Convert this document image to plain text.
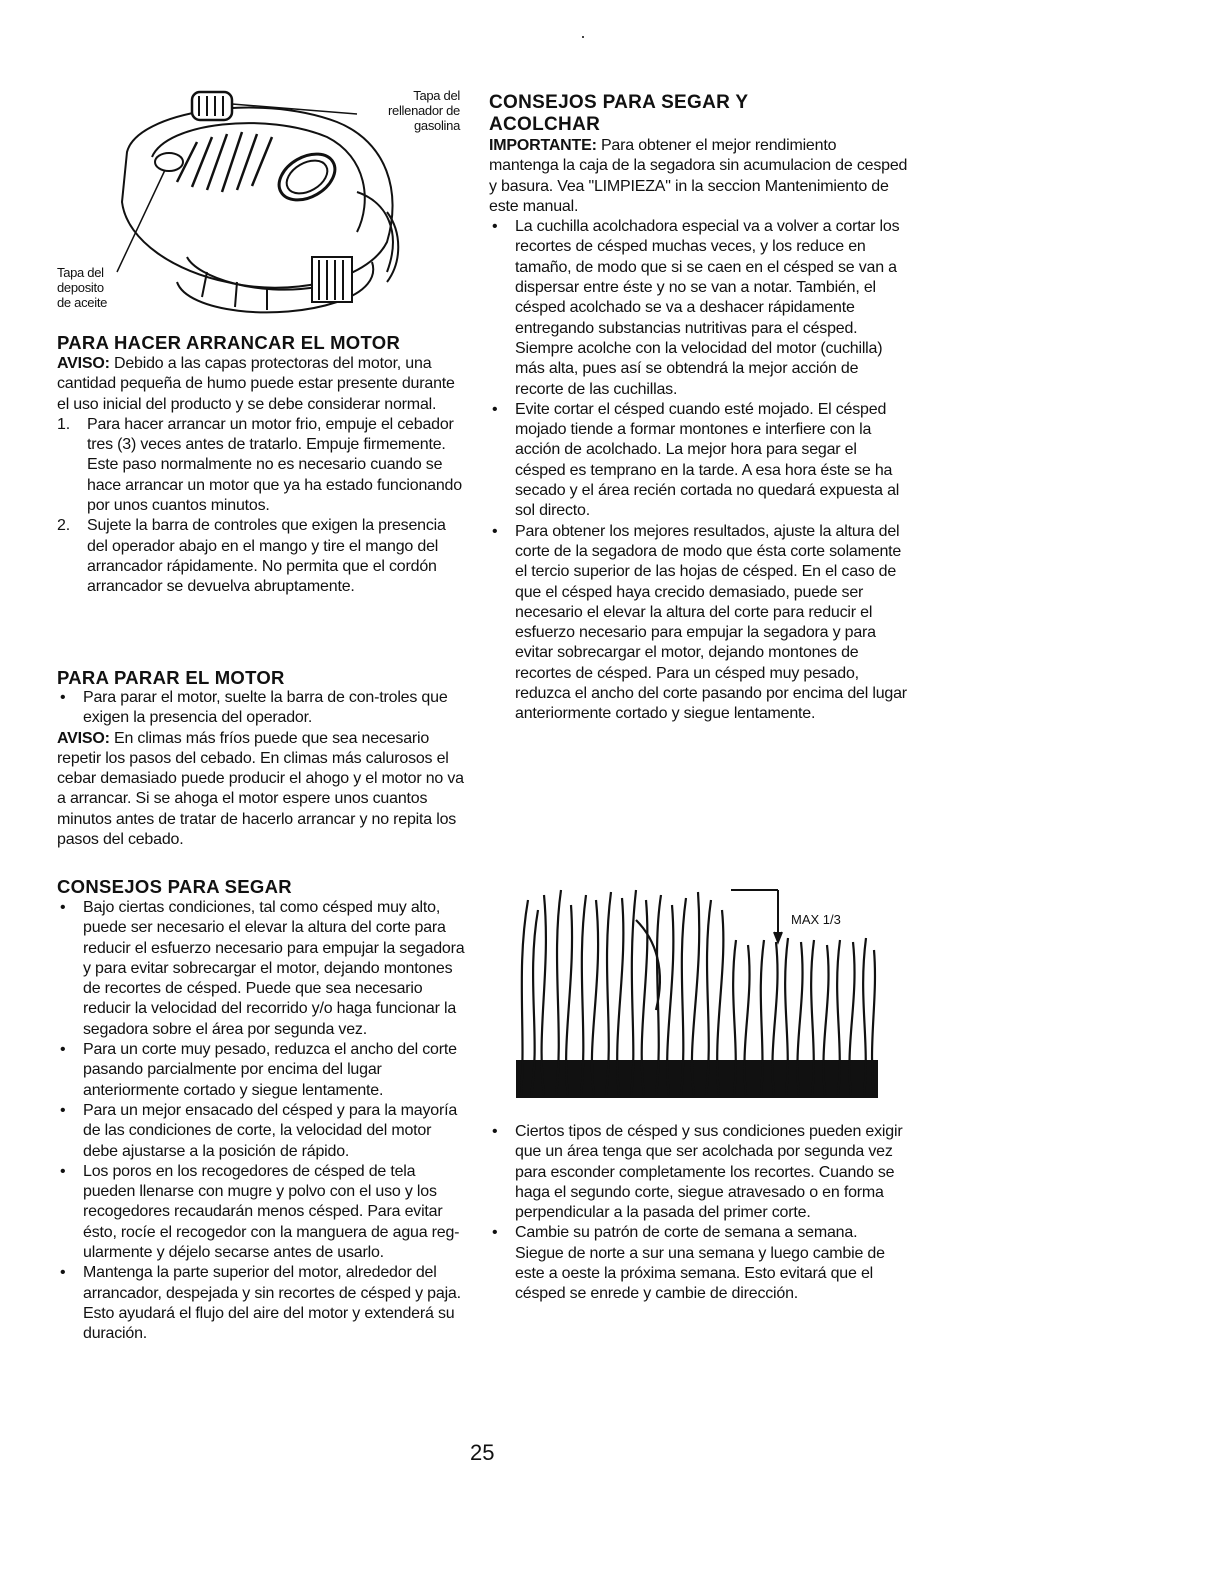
Tapa del
rellenador de
gasolina
Tapa del
deposito
de aceite
PARA HACER ARRANCAR EL MOTOR

AVISO: Debido a las capas protectoras del motor, una cantidad pequeña de humo puede estar presente durante el uso inicial del producto y se debe considerar normal.

1.	Para hacer arrancar un motor frio, empuje el cebador tres (3) veces antes de tratarlo. Empuje firmemente. Este paso normalmente no es necesario cuando se hace arrancar un motor que ya ha estado funcionando por unos cuantos minutos.
2.	Sujete la barra de controles que exigen la presencia del operador abajo en el mango y tire el mango del arrancador rápidamente. No permita que el cordón arrancador se devuelva abruptamente.
PARA PARAR EL MOTOR
• Para parar el motor, suelte la barra de con-troles que exigen la presencia del operador.

AVISO: En climas más fríos puede que sea necesario repetir los pasos del cebado. En climas más calurosos el cebar demasiado puede producir el ahogo y el motor no va a arrancar. Si se ahoga el motor espere unos cuantos minutos antes de tratar de hacerlo arrancar y no repita los pasos del cebado.

CONSEJOS PARA SEGAR
• Bajo ciertas condiciones, tal como césped muy alto, puede ser necesario el elevar la altura del corte para reducir el esfuerzo necesario para empujar la segadora y para evitar sobrecargar el motor, dejando montones de recortes de césped. Puede que sea necesario reducir la velocidad del recorrido y/o haga funcionar la segadora sobre el área por segunda vez.
• Para un corte muy pesado, reduzca el ancho del corte pasando parcialmente por encima del lugar anteriormente cortado y siegue lentamente.
• Para un mejor ensacado del césped y para la mayoría de las condiciones de corte, la velocidad del motor debe ajustarse a la posición de rápido.
• Los poros en los recogedores de césped de tela pueden llenarse con mugre y polvo con el uso y los recogedores recaudarán menos césped. Para evitar ésto, rocíe el recogedor con la manguera de agua reg-ularmente y déjelo secarse antes de usarlo.
• Mantenga la parte superior del motor, alrededor del arrancador, despejada y sin recortes de césped y paja. Esto ayudará el flujo del aire del motor y extenderá su duración.
CONSEJOS PARA SEGAR Y
ACOLCHAR

IMPORTANTE: Para obtener el mejor rendimiento mantenga la caja de la segadora sin acumulacion de cesped y basura. Vea "LIMPIEZA" in la seccion Mantenimiento de este manual.

• La cuchilla acolchadora especial va a volver a cortar los recortes de césped muchas veces, y los reduce en tamaño, de modo que si se caen en el césped se van a dispersar entre éste y no se van a notar. También, el césped acolchado se va a deshacer rápidamente entregando substancias nutritivas para el césped. Siempre acolche con la velocidad del motor (cuchilla) más alta, pues así se obtendrá la mejor acción de recorte de las cuchillas.
• Evite cortar el césped cuando esté mojado. El césped mojado tiende a formar montones e interfiere con la acción de acolchado. La mejor hora para segar el césped es temprano en la tarde. A esa hora éste se ha secado y el área recién cortada no quedará expuesta al sol directo.
• Para obtener los mejores resultados, ajuste la altura del corte de la segadora de modo que ésta corte solamente el tercio superior de las hojas de césped. En el caso de que el césped haya crecido demasiado, puede ser necesario el elevar la altura del corte para reducir el esfuerzo necesario para empujar la segadora y para evitar sobrecargar el motor, dejando montones de recortes de césped. Para un césped muy pesado, reduzca el ancho del corte pasando por encima del lugar anteriormente cortado y siegue lentamente.
MAX 1/3
• Ciertos tipos de césped y sus condiciones pueden exigir que un área tenga que ser acolchada por segunda vez para esconder completamente los recortes. Cuando se haga el segundo corte, siegue atravesado o en forma perpendicular a la pasada del primer corte.
• Cambie su patrón de corte de semana a semana. Siegue de norte a sur una semana y luego cambie de este a oeste la próxima semana. Esto evitará que el césped se enrede y cambie de dirección.
25
